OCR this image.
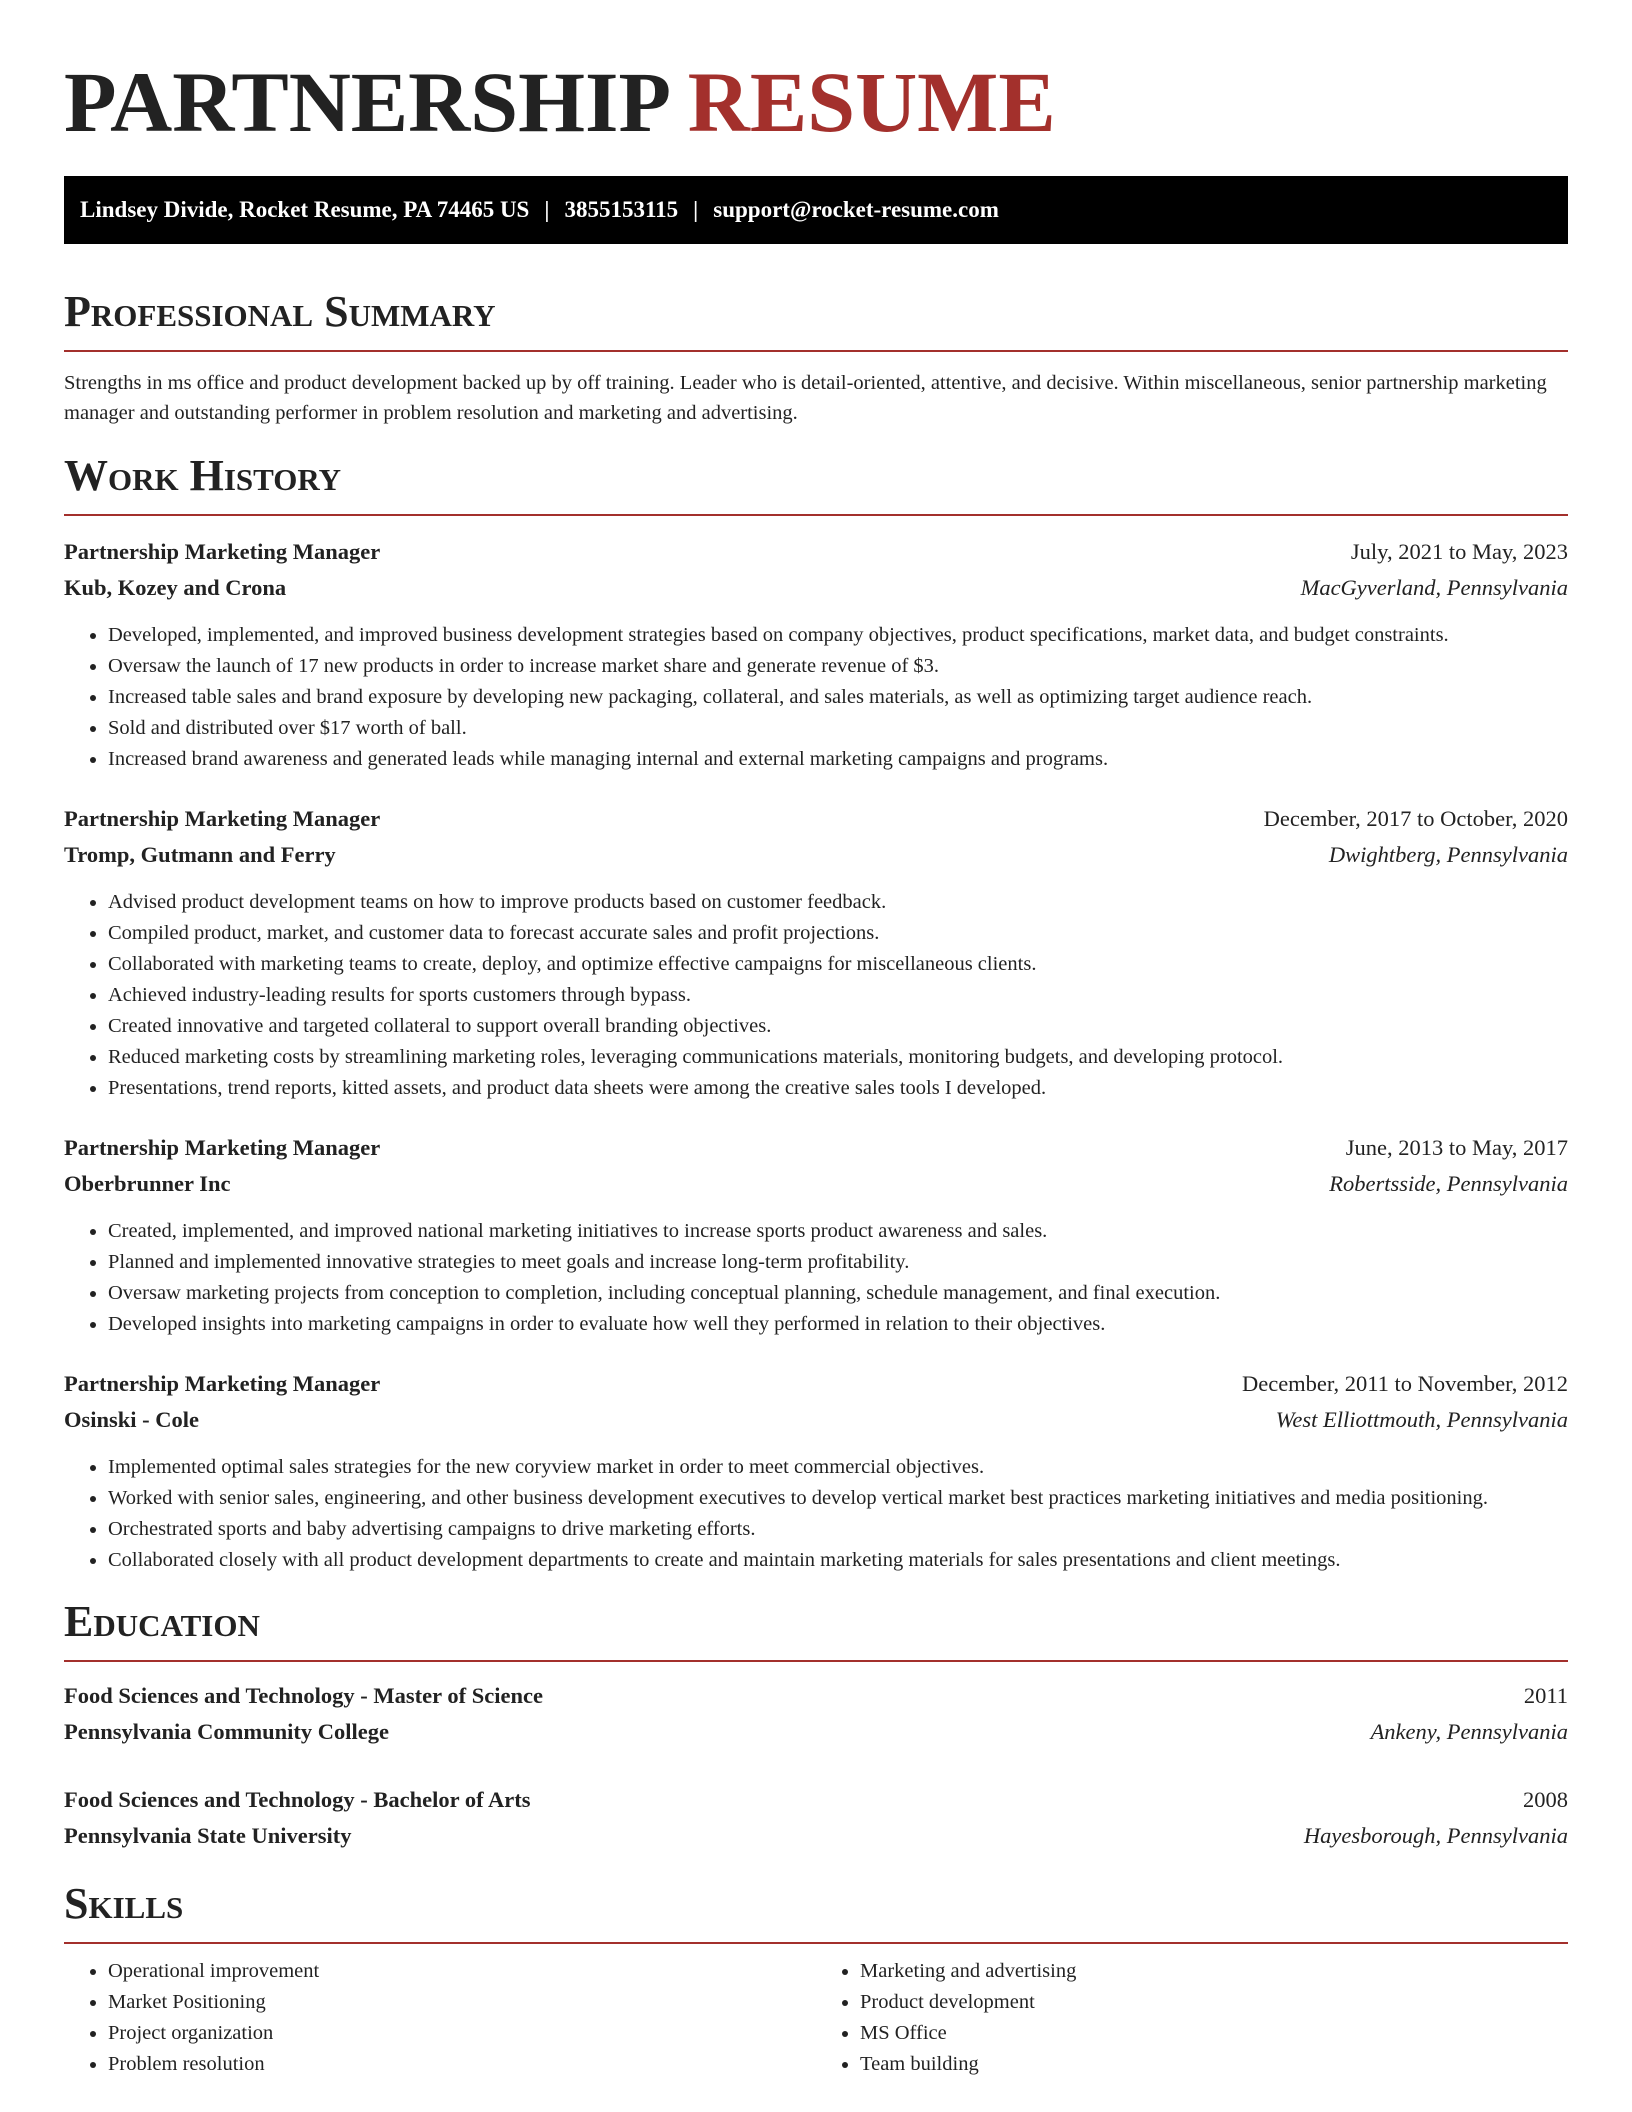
PARTNERSHIP RESUME
Lindsey Divide, Rocket Resume, PA 74465 US | 3855153115 | support@rocket-resume.com
Professional Summary
Strengths in ms office and product development backed up by off training. Leader who is detail-oriented, attentive, and decisive. Within miscellaneous, senior partnership marketing manager and outstanding performer in problem resolution and marketing and advertising.
Work History
Partnership Marketing Manager	July, 2021 to May, 2023
Kub, Kozey and Crona	MacGyverland, Pennsylvania
• Developed, implemented, and improved business development strategies based on company objectives, product specifications, market data, and budget constraints.
• Oversaw the launch of 17 new products in order to increase market share and generate revenue of $3.
• Increased table sales and brand exposure by developing new packaging, collateral, and sales materials, as well as optimizing target audience reach.
• Sold and distributed over $17 worth of ball.
• Increased brand awareness and generated leads while managing internal and external marketing campaigns and programs.
Partnership Marketing Manager	December, 2017 to October, 2020
Tromp, Gutmann and Ferry	Dwightberg, Pennsylvania
• Advised product development teams on how to improve products based on customer feedback.
• Compiled product, market, and customer data to forecast accurate sales and profit projections.
• Collaborated with marketing teams to create, deploy, and optimize effective campaigns for miscellaneous clients.
• Achieved industry-leading results for sports customers through bypass.
• Created innovative and targeted collateral to support overall branding objectives.
• Reduced marketing costs by streamlining marketing roles, leveraging communications materials, monitoring budgets, and developing protocol.
• Presentations, trend reports, kitted assets, and product data sheets were among the creative sales tools I developed.
Partnership Marketing Manager	June, 2013 to May, 2017
Oberbrunner Inc	Robertsside, Pennsylvania
• Created, implemented, and improved national marketing initiatives to increase sports product awareness and sales.
• Planned and implemented innovative strategies to meet goals and increase long-term profitability.
• Oversaw marketing projects from conception to completion, including conceptual planning, schedule management, and final execution.
• Developed insights into marketing campaigns in order to evaluate how well they performed in relation to their objectives.
Partnership Marketing Manager	December, 2011 to November, 2012
Osinski - Cole	West Elliottmouth, Pennsylvania
• Implemented optimal sales strategies for the new coryview market in order to meet commercial objectives.
• Worked with senior sales, engineering, and other business development executives to develop vertical market best practices marketing initiatives and media positioning.
• Orchestrated sports and baby advertising campaigns to drive marketing efforts.
• Collaborated closely with all product development departments to create and maintain marketing materials for sales presentations and client meetings.
Education
Food Sciences and Technology - Master of Science	2011
Pennsylvania Community College	Ankeny, Pennsylvania
Food Sciences and Technology - Bachelor of Arts	2008
Pennsylvania State University	Hayesborough, Pennsylvania
Skills
• Operational improvement
• Market Positioning
• Project organization
• Problem resolution
• Marketing and advertising
• Product development
• MS Office
• Team building
